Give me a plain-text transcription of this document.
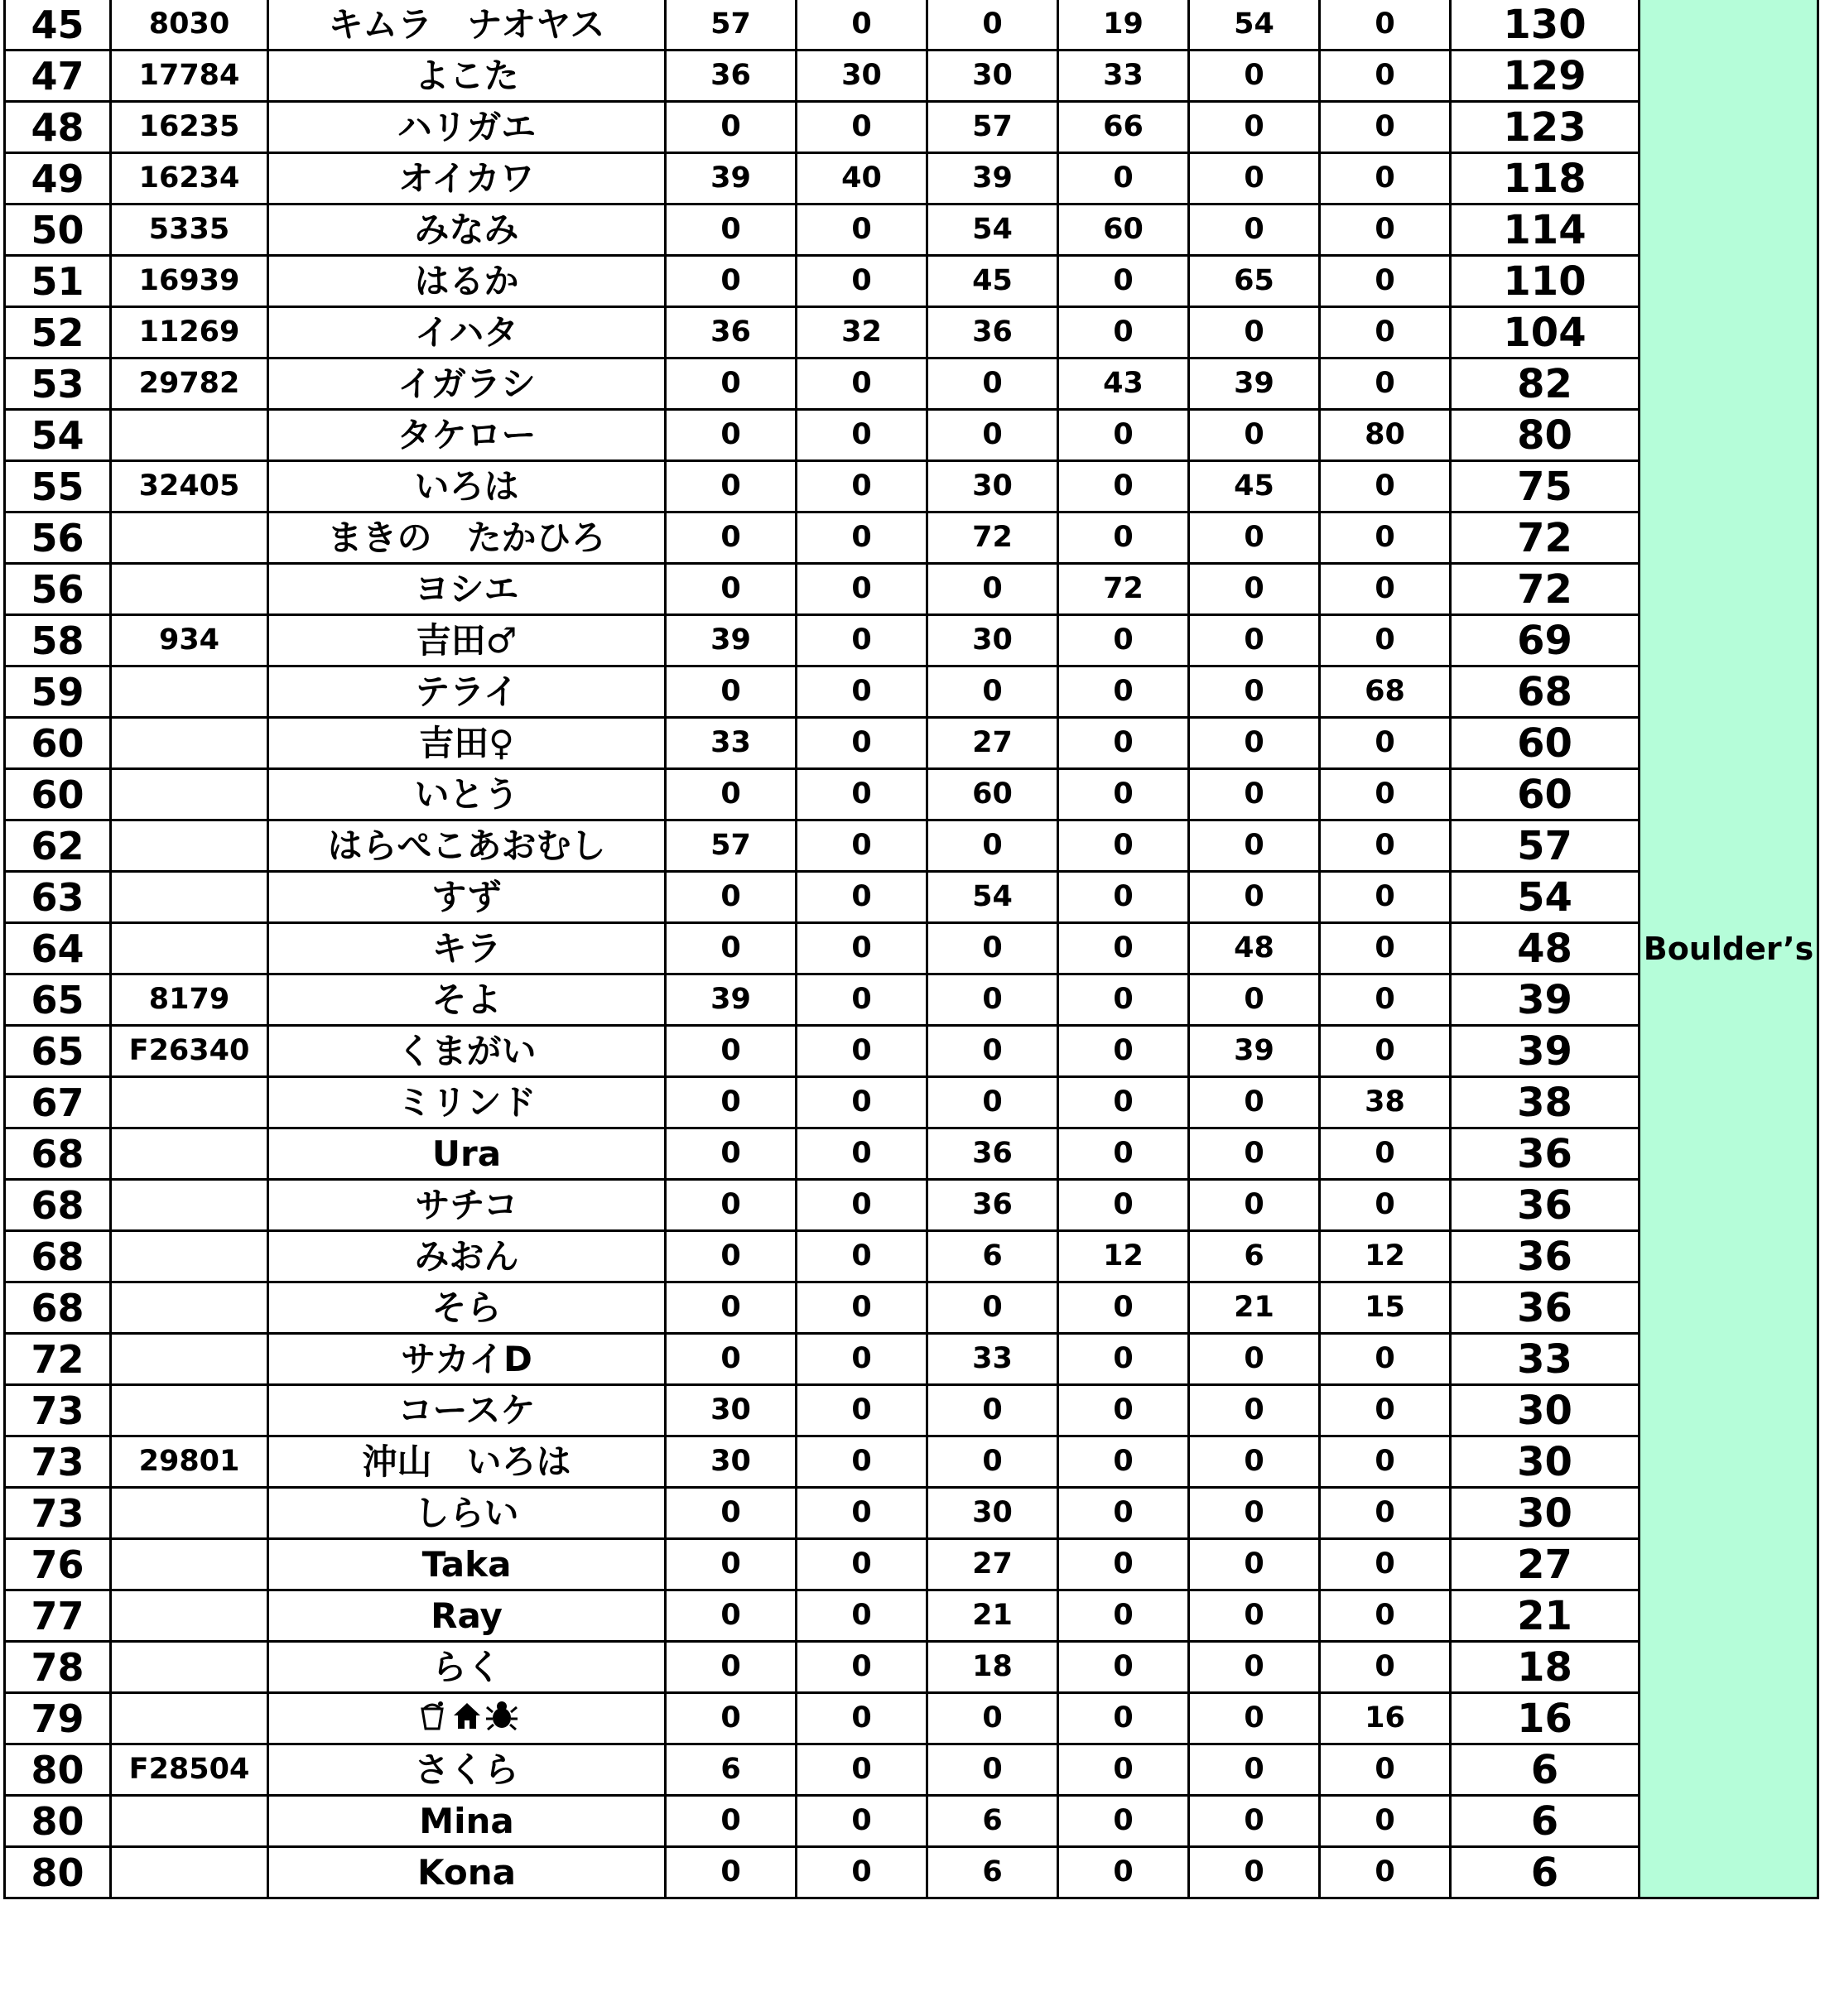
45	8030	キムラ　ナオヤス	57	0	0	19	54	0	130	Boulder’s
47	17784	よこた	36	30	30	33	0	0	129	
48	16235	ハリガエ	0	0	57	66	0	0	123	
49	16234	オイカワ	39	40	39	0	0	0	118	
50	5335	みなみ	0	0	54	60	0	0	114	
51	16939	はるか	0	0	45	0	65	0	110	
52	11269	イハタ	36	32	36	0	0	0	104	
53	29782	イガラシ	0	0	0	43	39	0	82	
54		タケロー	0	0	0	0	0	80	80	
55	32405	いろは	0	0	30	0	45	0	75	
56		まきの　たかひろ	0	0	72	0	0	0	72	
56		ヨシエ	0	0	0	72	0	0	72	
58	934	吉田♂	39	0	30	0	0	0	69	
59		テライ	0	0	0	0	0	68	68	
60		吉田♀	33	0	27	0	0	0	60	
60		いとう	0	0	60	0	0	0	60	
62		はらぺこあおむし	57	0	0	0	0	0	57	
63		すず	0	0	54	0	0	0	54	
64		キラ	0	0	0	0	48	0	48	
65	8179	そよ	39	0	0	0	0	0	39	
65	F26340	くまがい	0	0	0	0	39	0	39	
67		ミリンド	0	0	0	0	0	38	38	
68		Ura	0	0	36	0	0	0	36	
68		サチコ	0	0	36	0	0	0	36	
68		みおん	0	0	6	12	6	12	36	
68		そら	0	0	0	0	21	15	36	
72		サカイD	0	0	33	0	0	0	33	
73		コースケ	30	0	0	0	0	0	30	
73	29801	沖山　いろは	30	0	0	0	0	0	30	
73		しらい	0	0	30	0	0	0	30	
76		Taka	0	0	27	0	0	0	27	
77		Ray	0	0	21	0	0	0	21	
78		らく	0	0	18	0	0	0	18	
79			0	0	0	0	0	16	16	
80	F28504	さくら	6	0	0	0	0	0	6	
80		Mina	0	0	6	0	0	0	6	
80		Kona	0	0	6	0	0	0	6	
